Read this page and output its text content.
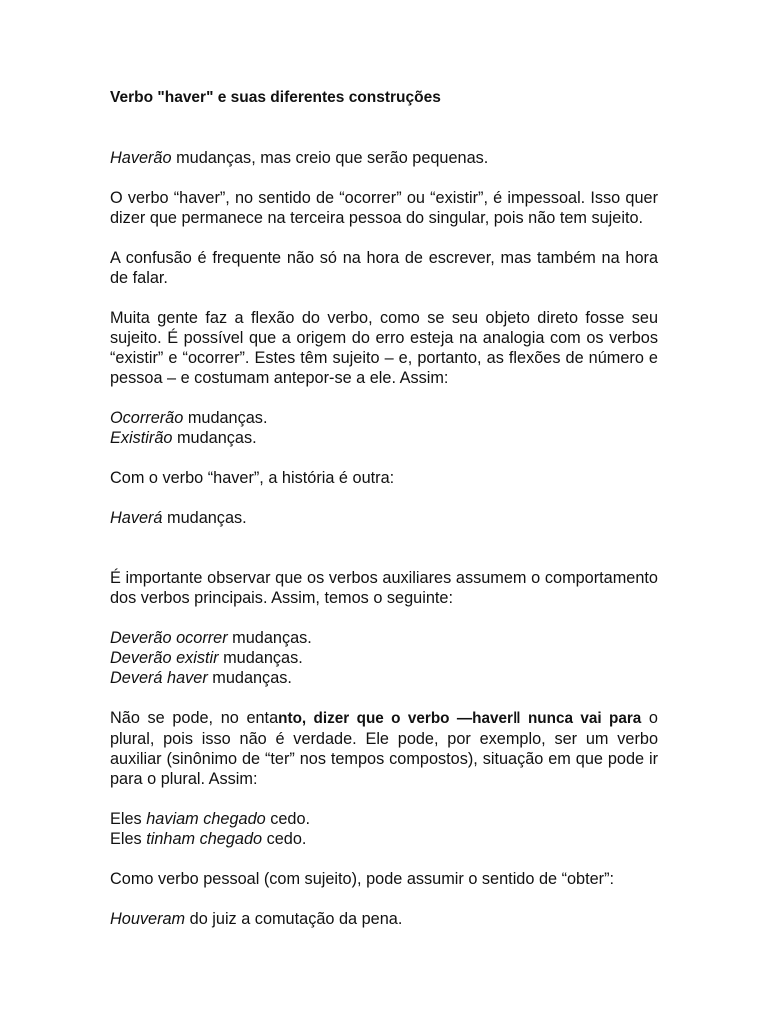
Verbo "haver" e suas diferentes construções

Haverão mudanças, mas creio que serão pequenas.

O verbo “haver”, no sentido de “ocorrer” ou “existir”, é impessoal. Isso quer dizer que permanece na terceira pessoa do singular, pois não tem sujeito.

A confusão é frequente não só na hora de escrever, mas também na hora de falar.

Muita gente faz a flexão do verbo, como se seu objeto direto fosse seu sujeito. É possível que a origem do erro esteja na analogia com os verbos “existir” e “ocorrer”. Estes têm sujeito – e, portanto, as flexões de número e pessoa – e costumam antepor-se a ele. Assim:

Ocorrerão mudanças.
Existirão mudanças.

Com o verbo “haver”, a história é outra:

Haverá mudanças.

É importante observar que os verbos auxiliares assumem o comportamento dos verbos principais. Assim, temos o seguinte:

Deverão ocorrer mudanças.
Deverão existir mudanças.
Deverá haver mudanças.

Não se pode, no entanto, dizer que o verbo ―haver‖ nunca vai para o plural, pois isso não é verdade. Ele pode, por exemplo, ser um verbo auxiliar (sinônimo de “ter” nos tempos compostos), situação em que pode ir para o plural. Assim:

Eles haviam chegado cedo.
Eles tinham chegado cedo.

Como verbo pessoal (com sujeito), pode assumir o sentido de “obter”:

Houveram do juiz a comutação da pena.
